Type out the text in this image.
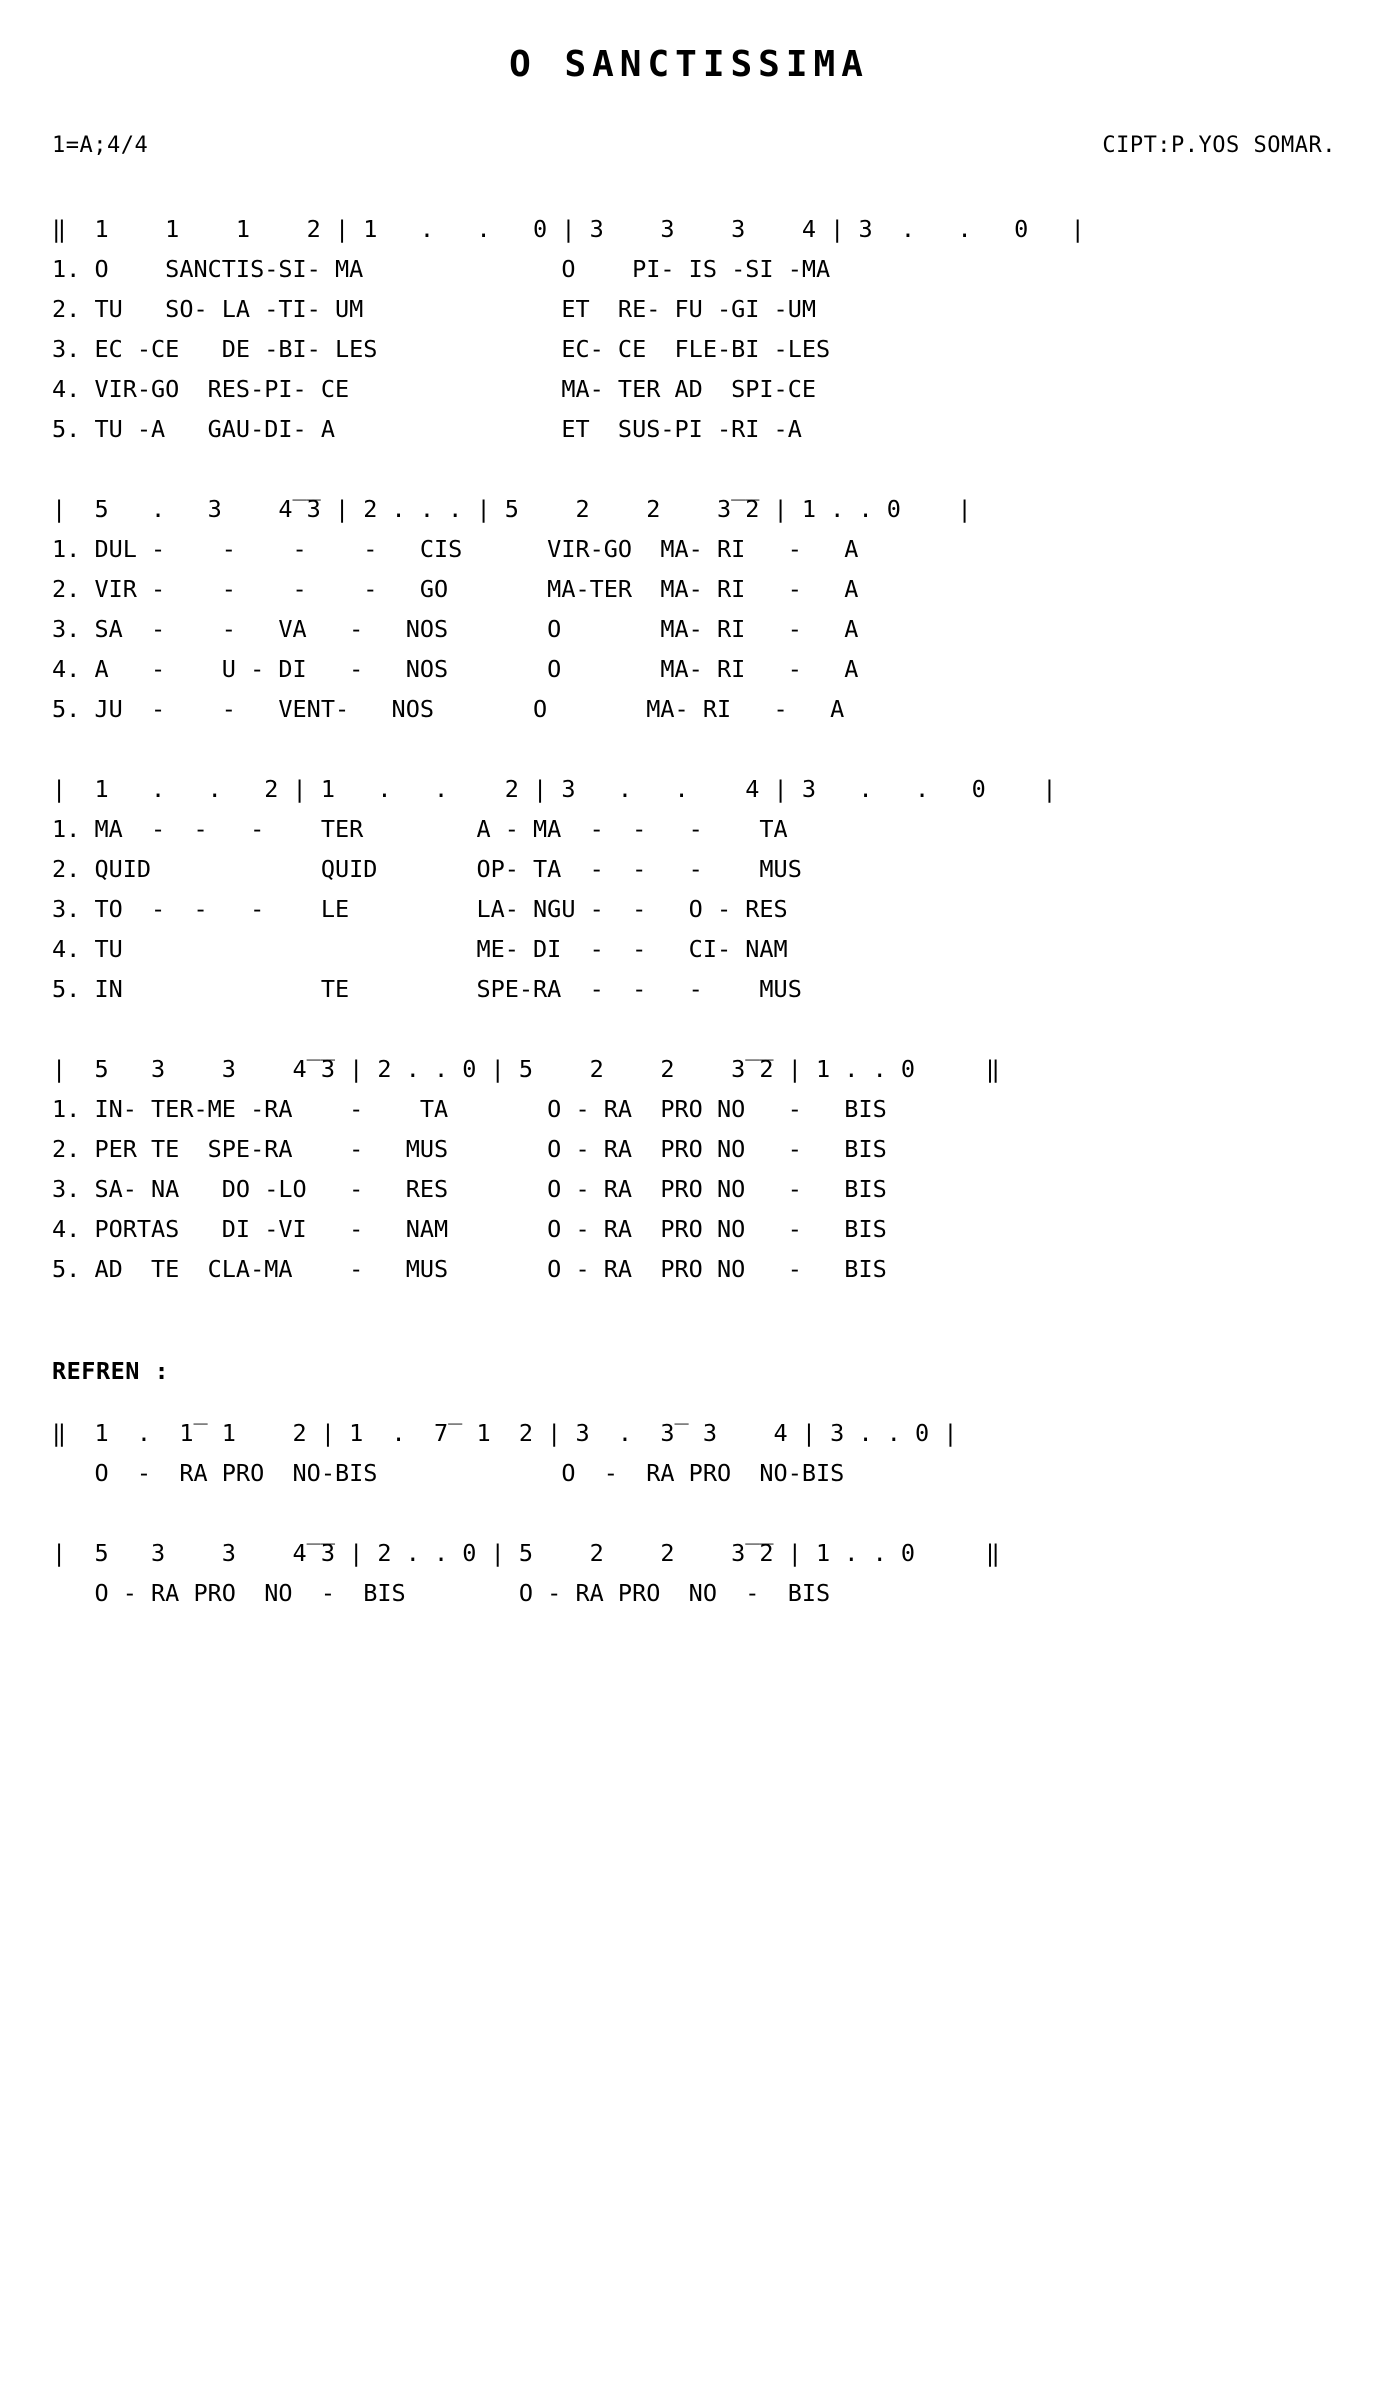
O SANCTISSIMA
1=A;4/4	CIPT:P.YOS SOMAR.
‖  1    1    1    2 | 1   .   .   0 | 3    3    3    4 | 3  .   .   0   |
1. O    SANCTIS-SI- MA              O    PI- IS -SI -MA
2. TU   SO- LA -TI- UM              ET  RE- FU -GI -UM
3. EC -CE   DE -BI- LES             EC- CE  FLE-BI -LES
4. VIR-GO  RES-PI- CE               MA- TER AD  SPI-CE
5. TU -A   GAU-DI- A                ET  SUS-PI -RI -A
|  5   .   3    4̅ ̅3 | 2 . . . | 5    2    2    3̅ ̅2 | 1 . . 0    |
1. DUL -    -    -    -   CIS      VIR-GO  MA- RI   -   A
2. VIR -    -    -    -   GO       MA-TER  MA- RI   -   A
3. SA  -    -   VA   -   NOS       O       MA- RI   -   A
4. A   -    U - DI   -   NOS       O       MA- RI   -   A
5. JU  -    -   VENT-   NOS       O       MA- RI   -   A
|  1   .   .   2 | 1   .   .    2 | 3   .   .    4 | 3   .   .   0    |
1. MA  -  -   -    TER        A - MA  -  -   -    TA
2. QUID            QUID       OP- TA  -  -   -    MUS
3. TO  -  -   -    LE         LA- NGU -  -   O - RES
4. TU                         ME- DI  -  -   CI- NAM
5. IN              TE         SPE-RA  -  -   -    MUS
|  5   3    3    4̅ ̅3 | 2 . . 0 | 5    2    2    3̅ ̅2 | 1 . . 0     ‖
1. IN- TER-ME -RA    -    TA       O - RA  PRO NO   -   BIS
2. PER TE  SPE-RA    -   MUS       O - RA  PRO NO   -   BIS
3. SA- NA   DO -LO   -   RES       O - RA  PRO NO   -   BIS
4. PORTAS   DI -VI   -   NAM       O - RA  PRO NO   -   BIS
5. AD  TE  CLA-MA    -   MUS       O - RA  PRO NO   -   BIS

REFREN :

‖  1  .  1̅  1    2 | 1  .  7̅  1  2 | 3  .  3̅  3    4 | 3 . . 0 |
O  -  RA PRO  NO-BIS             O  -  RA PRO  NO-BIS
|  5   3    3    4̅ ̅3 | 2 . . 0 | 5    2    2    3̅ ̅2 | 1 . . 0     ‖
O - RA PRO  NO  -  BIS        O - RA PRO  NO  -  BIS
